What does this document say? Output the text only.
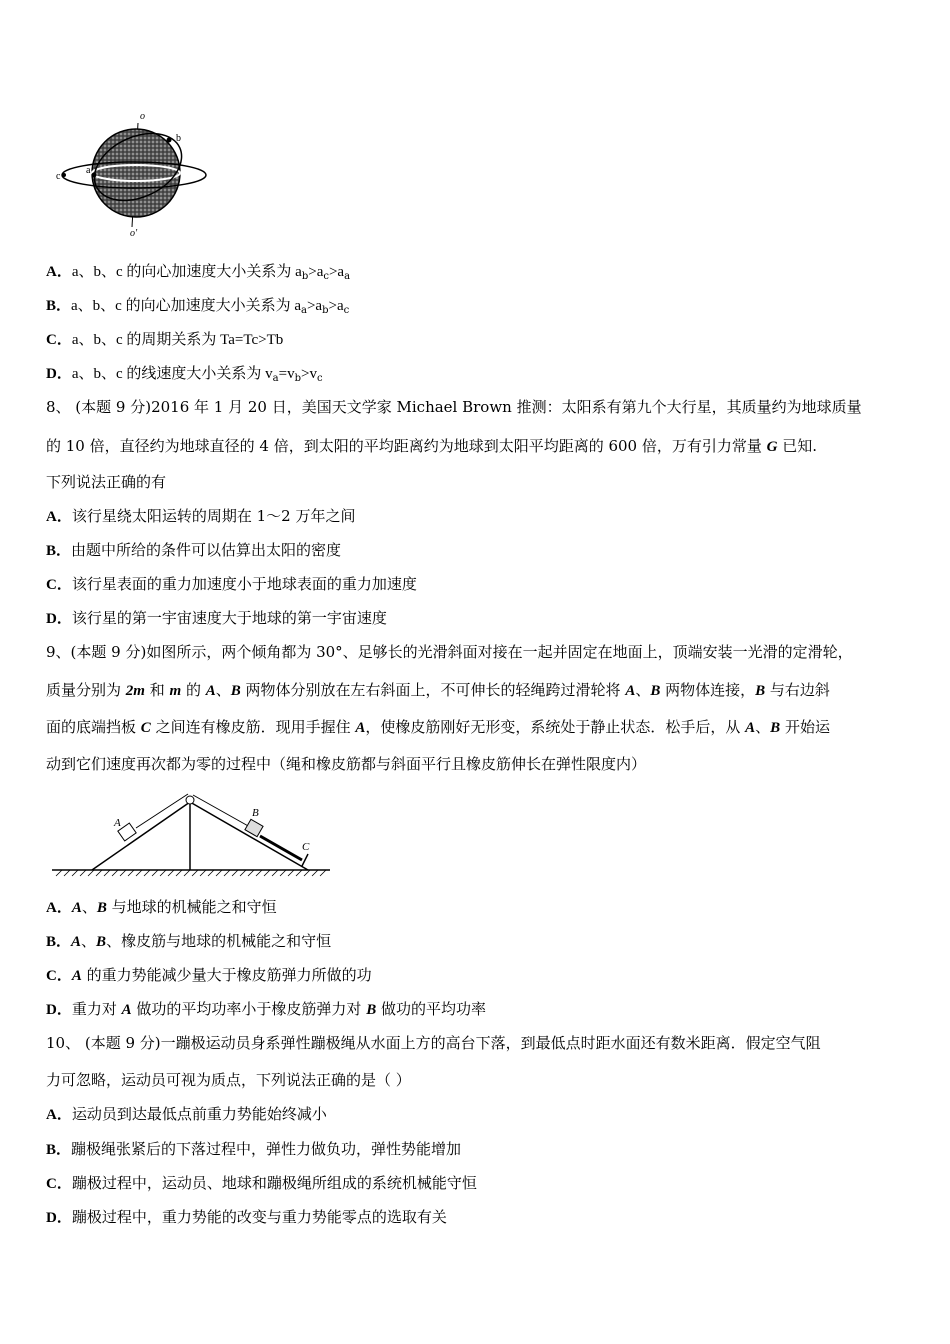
o
b
c
a
o'
A．a、b、c 的向心加速度大小关系为 $a_b>a_c>a_a$
B．a、b、c 的向心加速度大小关系为 $a_a>a_b>a_c$
C．a、b、c 的周期关系为 Ta=Tc>Tb
D．a、b、c 的线速度大小关系为 $v_a=v_b>v_c$
8、 (本题 9 分)2016 年 1 月 20 日，美国天文学家 Michael Brown 推测：太阳系有第九个大行星，其质量约为地球质量
的 10 倍，直径约为地球直径的 4 倍，到太阳的平均距离约为地球到太阳平均距离的 600 倍，万有引力常量 G 已知.
下列说法正确的有
A．该行星绕太阳运转的周期在 1～2 万年之间
B．由题中所给的条件可以估算出太阳的密度
C．该行星表面的重力加速度小于地球表面的重力加速度
D．该行星的第一宇宙速度大于地球的第一宇宙速度
9、(本题 9 分)如图所示，两个倾角都为 30°、足够长的光滑斜面对接在一起并固定在地面上，顶端安装一光滑的定滑轮，
质量分别为 2m 和 m 的 A、B 两物体分别放在左右斜面上，不可伸长的轻绳跨过滑轮将 A、B 两物体连接，B 与右边斜
面的底端挡板 C 之间连有橡皮筋．现用手握住 A，使橡皮筋刚好无形变，系统处于静止状态．松手后，从 A、B 开始运
动到它们速度再次都为零的过程中（绳和橡皮筋都与斜面平行且橡皮筋伸长在弹性限度内）
A
B
C
A．A、B 与地球的机械能之和守恒
B．A、B、橡皮筋与地球的机械能之和守恒
C．A 的重力势能减少量大于橡皮筋弹力所做的功
D．重力对 A 做功的平均功率小于橡皮筋弹力对 B 做功的平均功率
10、 (本题 9 分)一蹦极运动员身系弹性蹦极绳从水面上方的高台下落，到最低点时距水面还有数米距离．假定空气阻
力可忽略，运动员可视为质点，下列说法正确的是（ ）
A．运动员到达最低点前重力势能始终减小
B．蹦极绳张紧后的下落过程中，弹性力做负功，弹性势能增加
C．蹦极过程中，运动员、地球和蹦极绳所组成的系统机械能守恒
D．蹦极过程中，重力势能的改变与重力势能零点的选取有关
